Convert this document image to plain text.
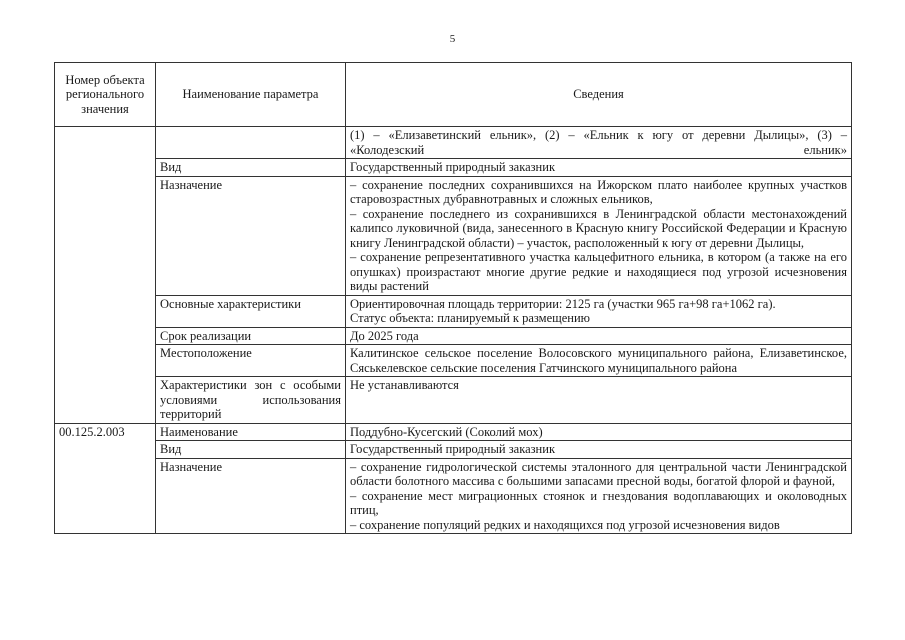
5
Номер объекта регионального значения	Наименование параметра	Сведения
		(1) – «Елизаветинский ельник», (2) – «Ельник к югу от деревни Дылицы», (3) – «Колодезский ельник»
	Вид	Государственный природный заказник
	Назначение	– сохранение последних сохранившихся на Ижорском плато наиболее крупных участков старовозрастных дубравнотравных и сложных ельников,
– сохранение последнего из сохранившихся в Ленинградской области местонахождений калипсо луковичной (вида, занесенного в Красную книгу Российской Федерации и Красную книгу Ленинградской области) – участок, расположенный к югу от деревни Дылицы,
– сохранение репрезентативного участка кальцефитного ельника, в котором (а также на его опушках) произрастают многие другие редкие и находящиеся под угрозой исчезновения виды растений

	Основные характеристики	Ориентировочная площадь территории: 2125 га (участки 965 га+98 га+1062 га).
Статус объекта: планируемый к размещению

	Срок реализации	До 2025 года
	Местоположение	Калитинское сельское поселение Волосовского муниципального района, Елизаветинское, Сяськелевское сельские поселения Гатчинского муниципального района
	Характеристики зон с особыми условиями использования территорий	Не устанавливаются
00.125.2.003	Наименование	Поддубно-Кусегский (Соколий мох)
	Вид	Государственный природный заказник
	Назначение	– сохранение гидрологической системы эталонного для центральной части Ленинградской области болотного массива с большими запасами пресной воды, богатой флорой и фауной,
– сохранение мест миграционных стоянок и гнездования водоплавающих и околоводных птиц,
– сохранение популяций редких и находящихся под угрозой исчезновения видов
